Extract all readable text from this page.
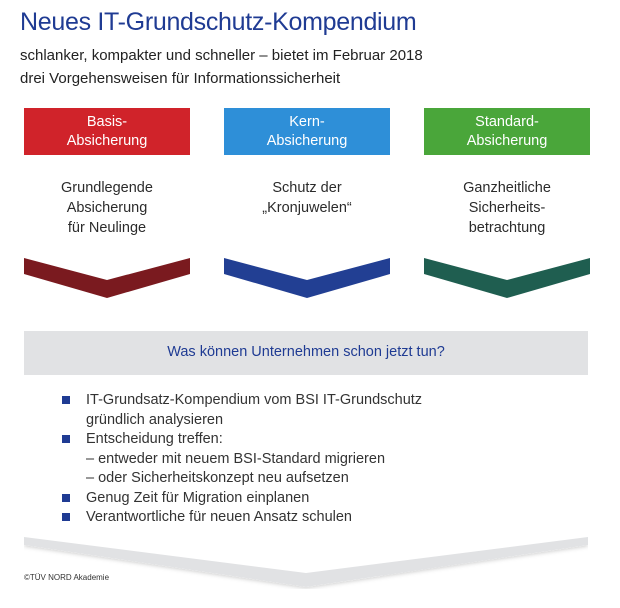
Neues IT-Grundschutz-Kompendium
schlanker, kompakter und schneller – bietet im Februar 2018
drei Vorgehensweisen für Informationssicherheit
Basis-
Absicherung
Grundlegende
Absicherung
für Neulinge
Kern-
Absicherung
Schutz der
„Kronjuwelen“
Standard-
Absicherung
Ganzheitliche
Sicherheits-
betrachtung
Was können Unternehmen schon jetzt tun?
IT-Grundsatz-Kompendium vom BSI IT-Grundschutz
gründlich analysieren
Entscheidung treffen:
– entweder mit neuem BSI-Standard migrieren
– oder Sicherheitskonzept neu aufsetzen
Genug Zeit für Migration einplanen
Verantwortliche für neuen Ansatz schulen
©TÜV NORD Akademie
